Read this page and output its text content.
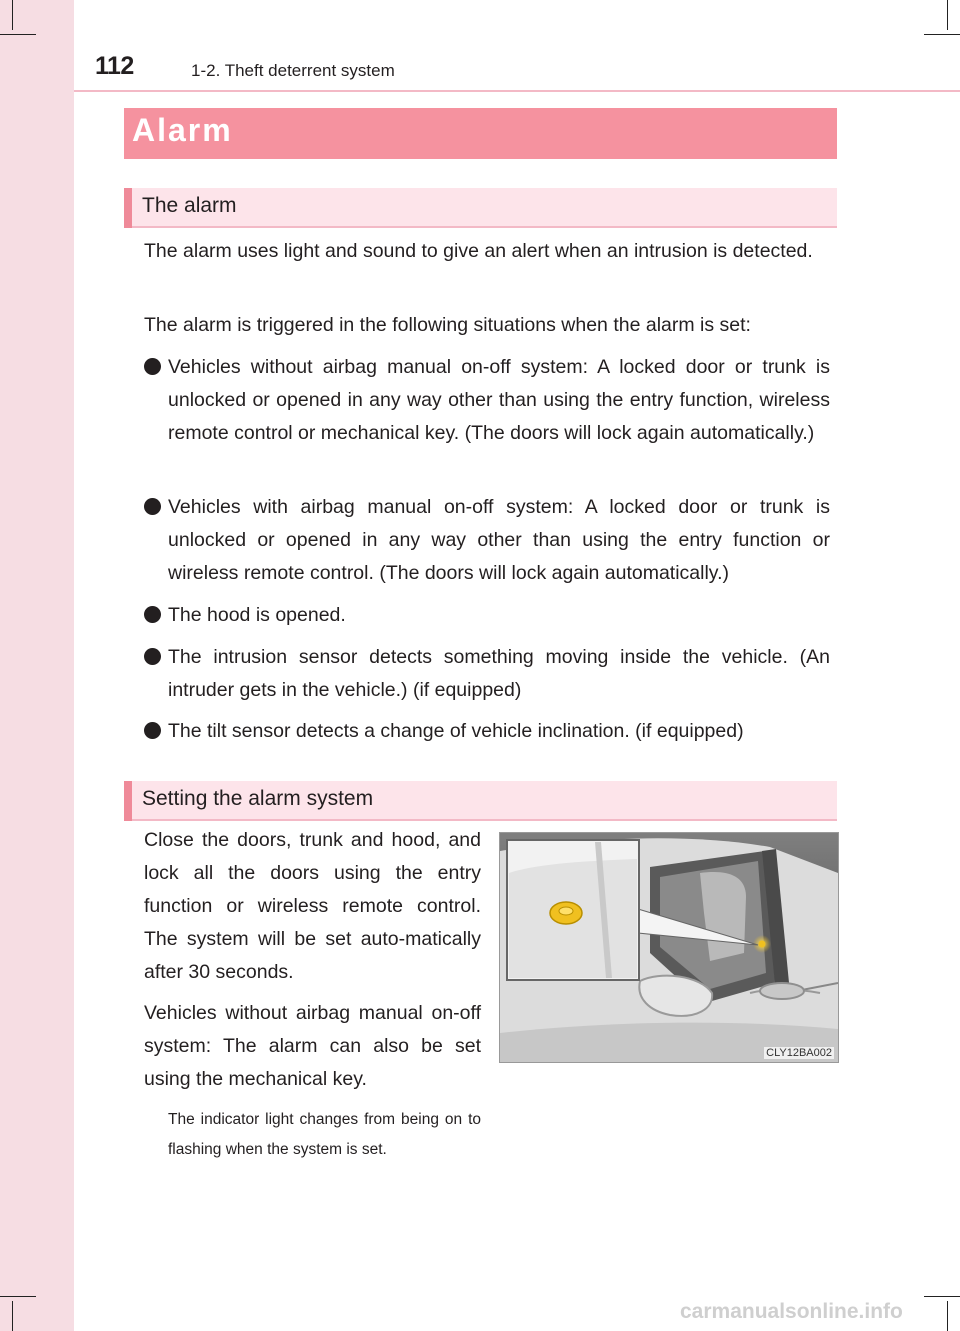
112	1-2. Theft deterrent system
Alarm
The alarm

The alarm uses light and sound to give an alert when an intrusion is detected.

The alarm is triggered in the following situations when the alarm is set:

Vehicles without airbag manual on-off system: A locked door or trunk is unlocked or opened in any way other than using the entry function, wireless remote control or mechanical key. (The doors will lock again automatically.)
Vehicles with airbag manual on-off system: A locked door or trunk is unlocked or opened in any way other than using the entry function or wireless remote control. (The doors will lock again automatically.)
The hood is opened.
The intrusion sensor detects something moving inside the vehicle. (An intruder gets in the vehicle.) (if equipped)
The tilt sensor detects a change of vehicle inclination. (if equipped)
Setting the alarm system

Close the doors, trunk and hood, and lock all the doors using the entry function or wireless remote control. The system will be set auto-matically after 30 seconds.

Vehicles without airbag manual on-off system: The alarm can also be set using the mechanical key.

The indicator light changes from being on to flashing when the system is set.

CLY12BA002
carmanualsonline.info
